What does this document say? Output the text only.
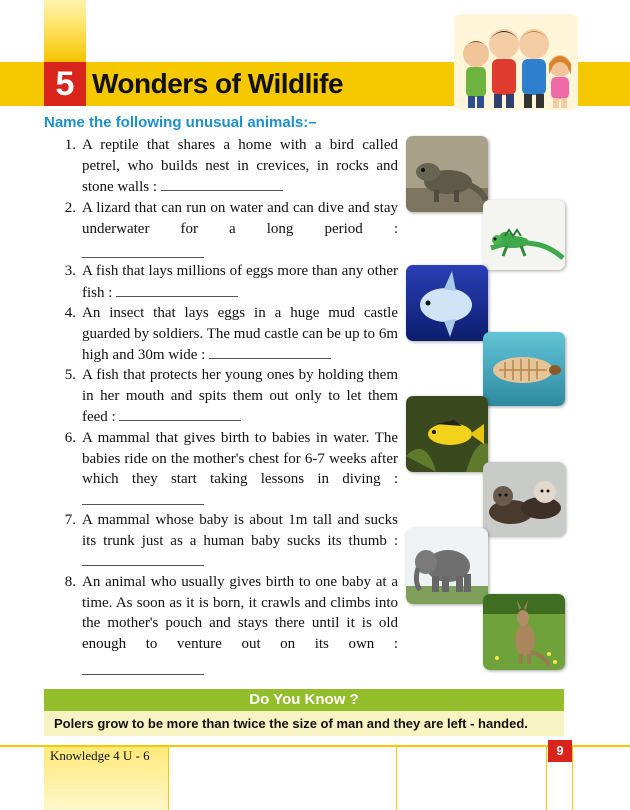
5 Wonders of Wildlife
Name the following unusual animals:–
1. A reptile that shares a home with a bird called petrel, who builds nest in crevices, in rocks and stone walls :
2. A lizard that can run on water and can dive and stay underwater for a long period :
3. A fish that lays millions of eggs more than any other fish :
4. An insect that lays eggs in a huge mud castle guarded by soldiers. The mud castle can be up to 6m high and 30m wide :
5. A fish that protects her young ones by holding them in her mouth and spits them out only to let them feed :
6. A mammal that gives birth to babies in water. The babies ride on the mother's chest for 6-7 weeks after which they start taking lessons in diving :
7. A mammal whose baby is about 1m tall and sucks its trunk just as a human baby sucks its thumb :
8. An animal who usually gives birth to one baby at a time. As soon as it is born, it crawls and climbs into the mother's pouch and stays there until it is old enough to venture out on its own :
Do You Know ?
Polers grow to be more than twice the size of man and they are left - handed.
Knowledge 4 U - 6	9
